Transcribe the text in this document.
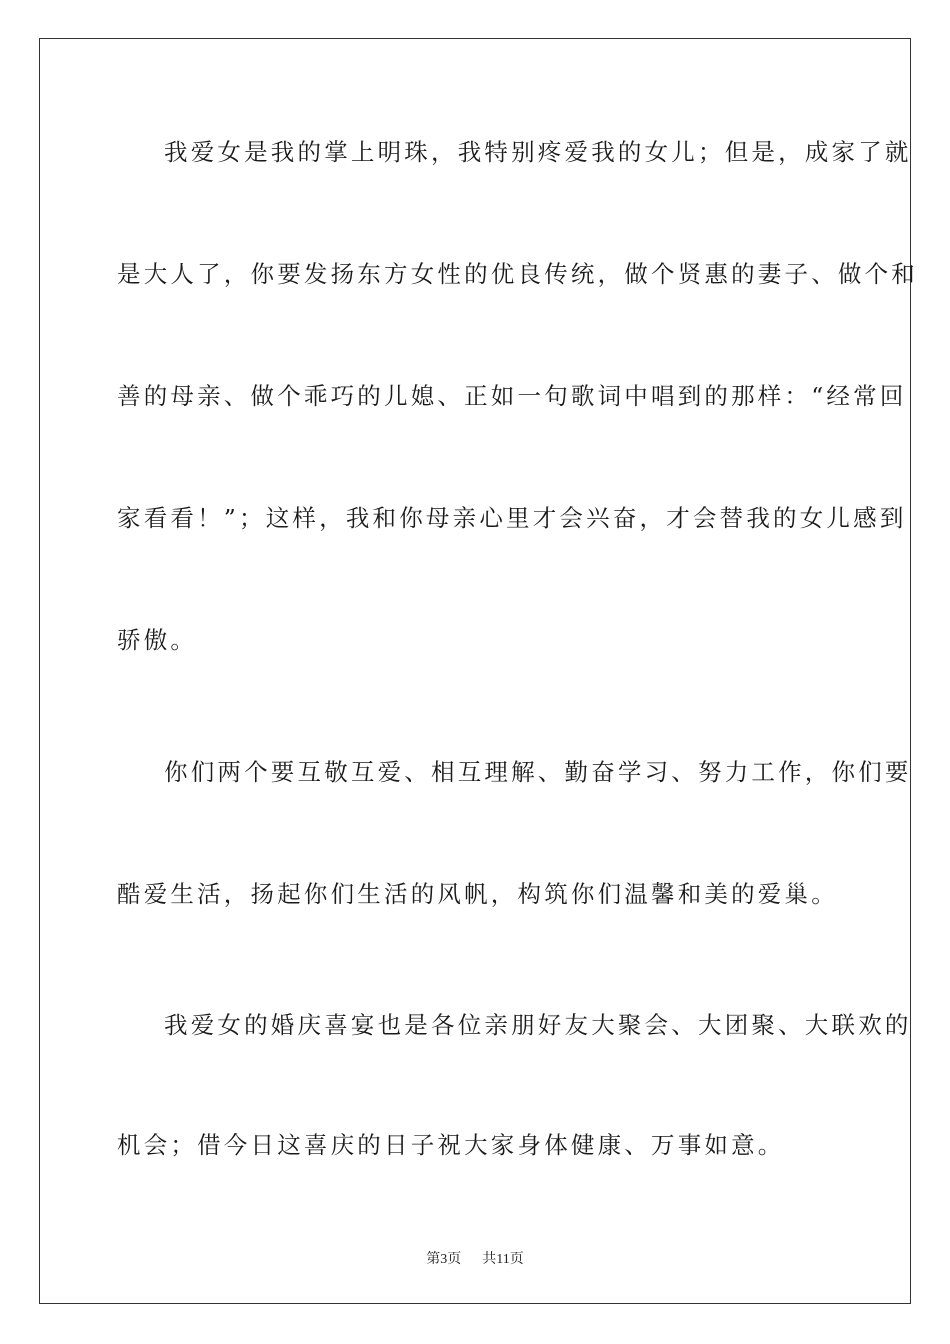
我爱女是我的掌上明珠，我特别疼爱我的女儿；但是，成家了就
是大人了，你要发扬东方女性的优良传统，做个贤惠的妻子、做个和
善的母亲、做个乖巧的儿媳、正如一句歌词中唱到的那样：“经常回
家看看！”；这样，我和你母亲心里才会兴奋，才会替我的女儿感到
骄傲。
你们两个要互敬互爱、相互理解、勤奋学习、努力工作，你们要
酷爱生活，扬起你们生活的风帆，构筑你们温馨和美的爱巢。
我爱女的婚庆喜宴也是各位亲朋好友大聚会、大团聚、大联欢的
机会；借今日这喜庆的日子祝大家身体健康、万事如意。
第3页 共11页
